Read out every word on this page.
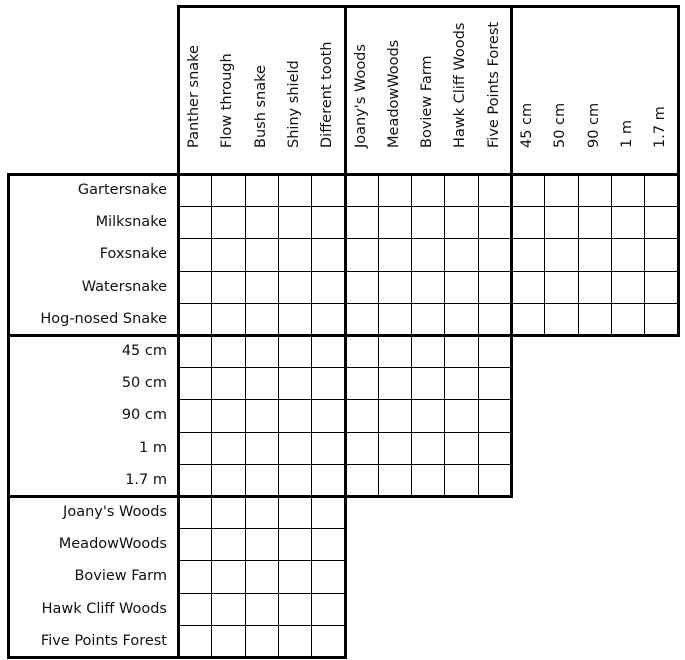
Panther snake Flow through Bush snake Shiny shield Different tooth Joany's Woods MeadowWoods Boview Farm Hawk Cliff Woods Five Points Forest 45 cm 50 cm 90 cm 1 m 1.7 m
Gartersnake
Milksnake
Foxsnake
Watersnake
Hog-nosed Snake
45 cm
50 cm
90 cm
1 m
1.7 m
Joany's Woods
MeadowWoods
Boview Farm
Hawk Cliff Woods
Five Points Forest
